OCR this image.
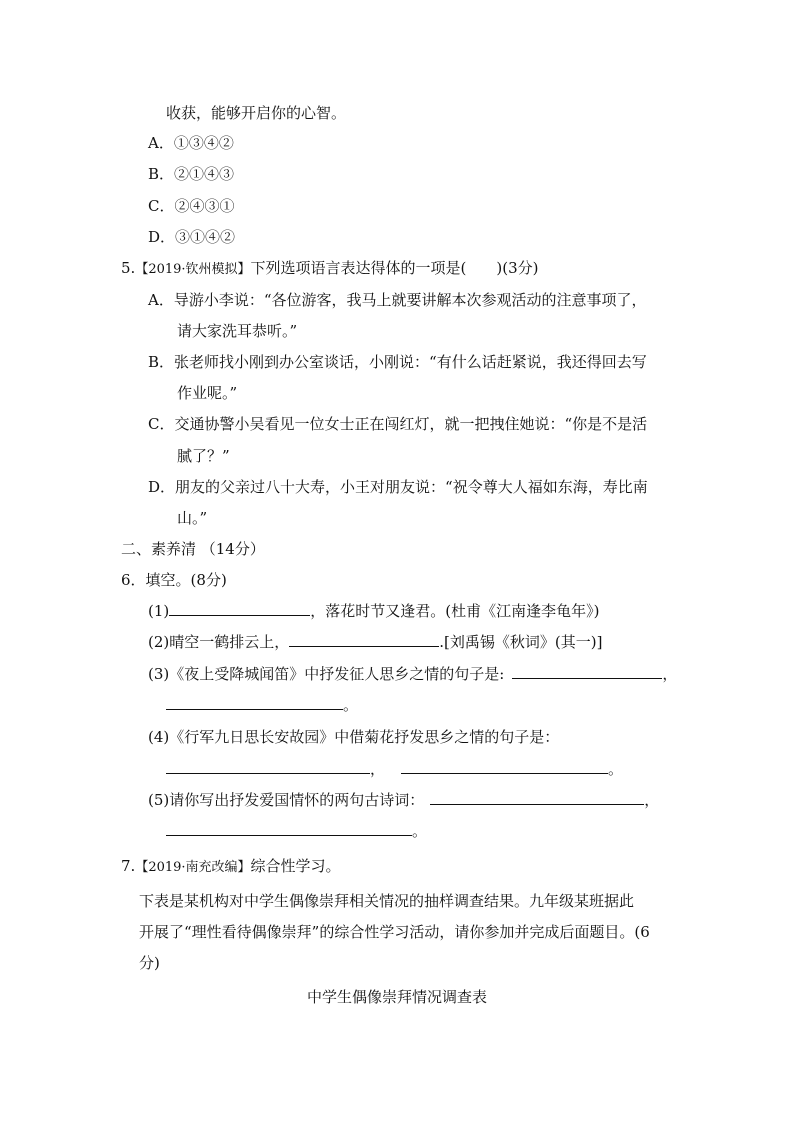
收获，能够开启你的心智。
A．①③④②
B．②①④③
C．②④③①
D．③①④②
5.【2019·钦州模拟】下列选项语言表达得体的一项是(　　)(3分)
A．导游小李说：“各位游客，我马上就要讲解本次参观活动的注意事项了，
请大家洗耳恭听。”
B．张老师找小刚到办公室谈话，小刚说：“有什么话赶紧说，我还得回去写
作业呢。”
C．交通协警小吴看见一位女士正在闯红灯，就一把拽住她说：“你是不是活
腻了？”
D．朋友的父亲过八十大寿，小王对朋友说：“祝令尊大人福如东海，寿比南
山。”
二、素养清 （14分）
6．填空。(8分)
(1)	，落花时节又逢君。(杜甫《江南逢李龟年》)
(2)晴空一鹤排云上，	.[刘禹锡《秋词》(其一)]
(3)《夜上受降城闻笛》中抒发征人思乡之情的句子是:	，
。
(4)《行军九日思长安故园》中借菊花抒发思乡之情的句子是：
，	。
(5)请你写出抒发爱国情怀的两句古诗词：	，
。
7.【2019·南充改编】综合性学习。
下表是某机构对中学生偶像崇拜相关情况的抽样调查结果。九年级某班据此
开展了“理性看待偶像崇拜”的综合性学习活动，请你参加并完成后面题目。(6
分)
中学生偶像崇拜情况调查表
